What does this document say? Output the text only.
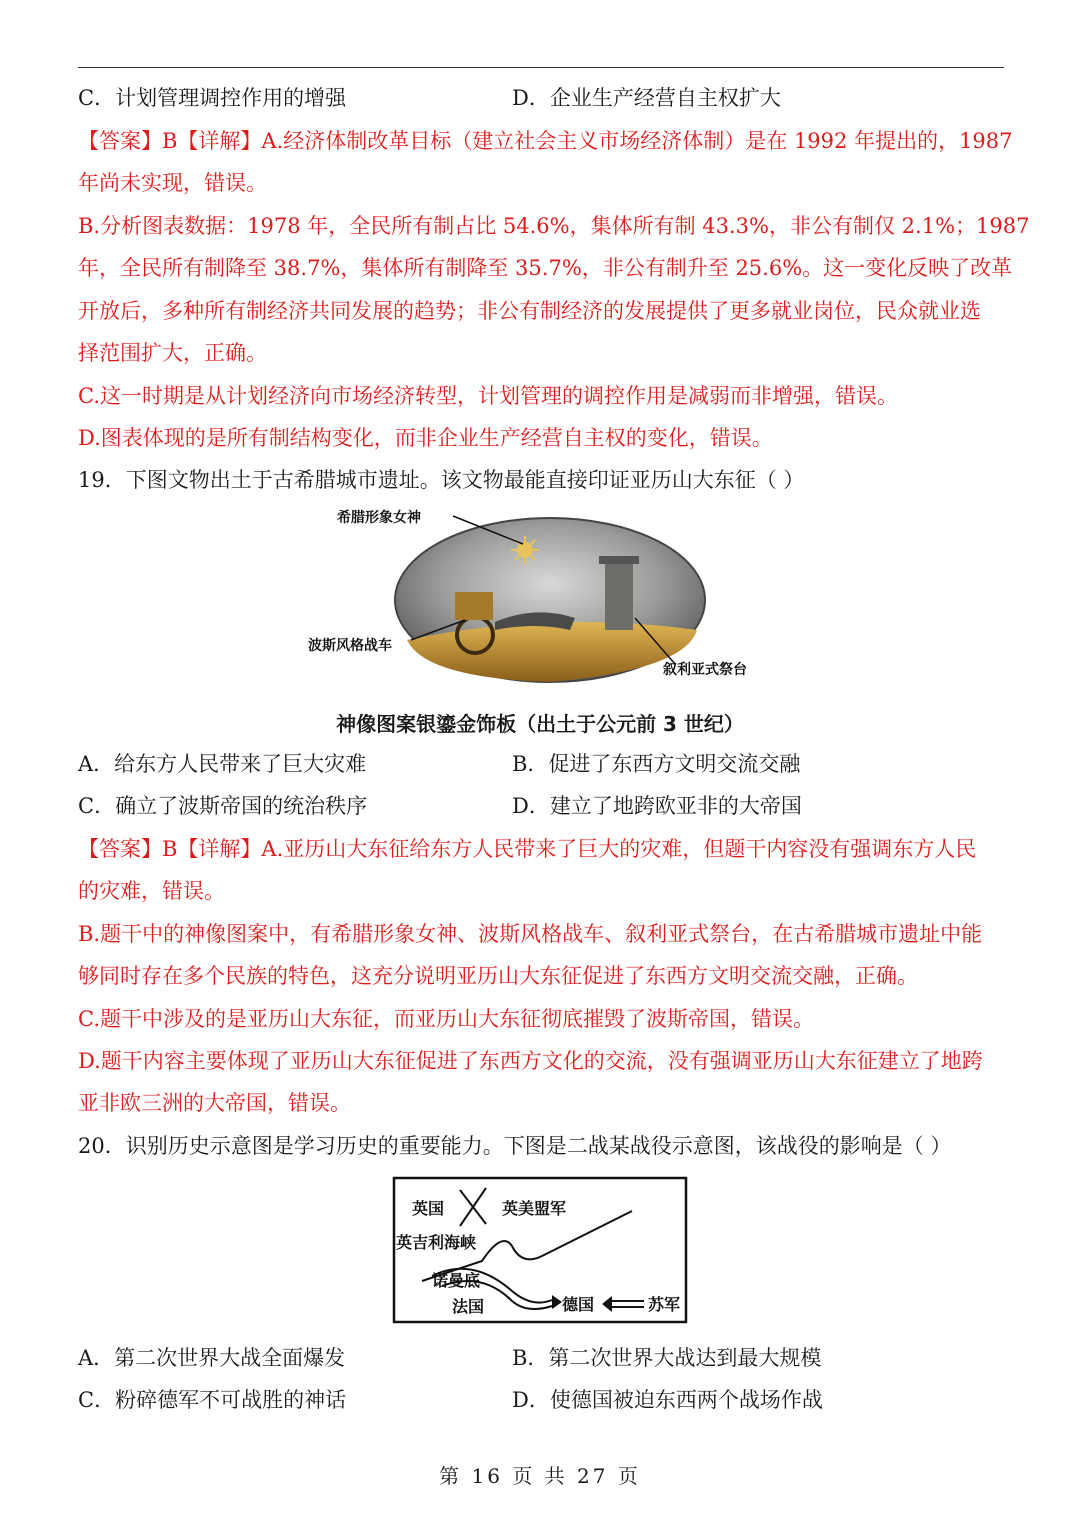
C．计划管理调控作用的增强	D．企业生产经营自主权扩大
【答案】B【详解】A.经济体制改革目标（建立社会主义市场经济体制）是在 1992 年提出的，1987
年尚未实现，错误。
B.分析图表数据：1978 年，全民所有制占比 54.6%，集体所有制 43.3%，非公有制仅 2.1%；1987
年，全民所有制降至 38.7%，集体所有制降至 35.7%，非公有制升至 25.6%。这一变化反映了改革
开放后，多种所有制经济共同发展的趋势；非公有制经济的发展提供了更多就业岗位，民众就业选
择范围扩大，正确。
C.这一时期是从计划经济向市场经济转型，计划管理的调控作用是减弱而非增强，错误。
D.图表体现的是所有制结构变化，而非企业生产经营自主权的变化，错误。
19．下图文物出土于古希腊城市遗址。该文物最能直接印证亚历山大东征（ ）
希腊形象女神
波斯风格战车
叙利亚式祭台
神像图案银鎏金饰板（出土于公元前 3 世纪）
A．给东方人民带来了巨大灾难	B．促进了东西方文明交流交融
C．确立了波斯帝国的统治秩序	D．建立了地跨欧亚非的大帝国
【答案】B【详解】A.亚历山大东征给东方人民带来了巨大的灾难，但题干内容没有强调东方人民
的灾难，错误。
B.题干中的神像图案中，有希腊形象女神、波斯风格战车、叙利亚式祭台，在古希腊城市遗址中能
够同时存在多个民族的特色，这充分说明亚历山大东征促进了东西方文明交流交融，正确。
C.题干中涉及的是亚历山大东征，而亚历山大东征彻底摧毁了波斯帝国，错误。
D.题干内容主要体现了亚历山大东征促进了东西方文化的交流，没有强调亚历山大东征建立了地跨
亚非欧三洲的大帝国，错误。
20．识别历史示意图是学习历史的重要能力。下图是二战某战役示意图，该战役的影响是（ ）
英国	英美盟军
英吉利海峡
诺曼底
法国	德国	苏军
A．第二次世界大战全面爆发	B．第二次世界大战达到最大规模
C．粉碎德军不可战胜的神话	D．使德国被迫东西两个战场作战
第 16 页 共 27 页
